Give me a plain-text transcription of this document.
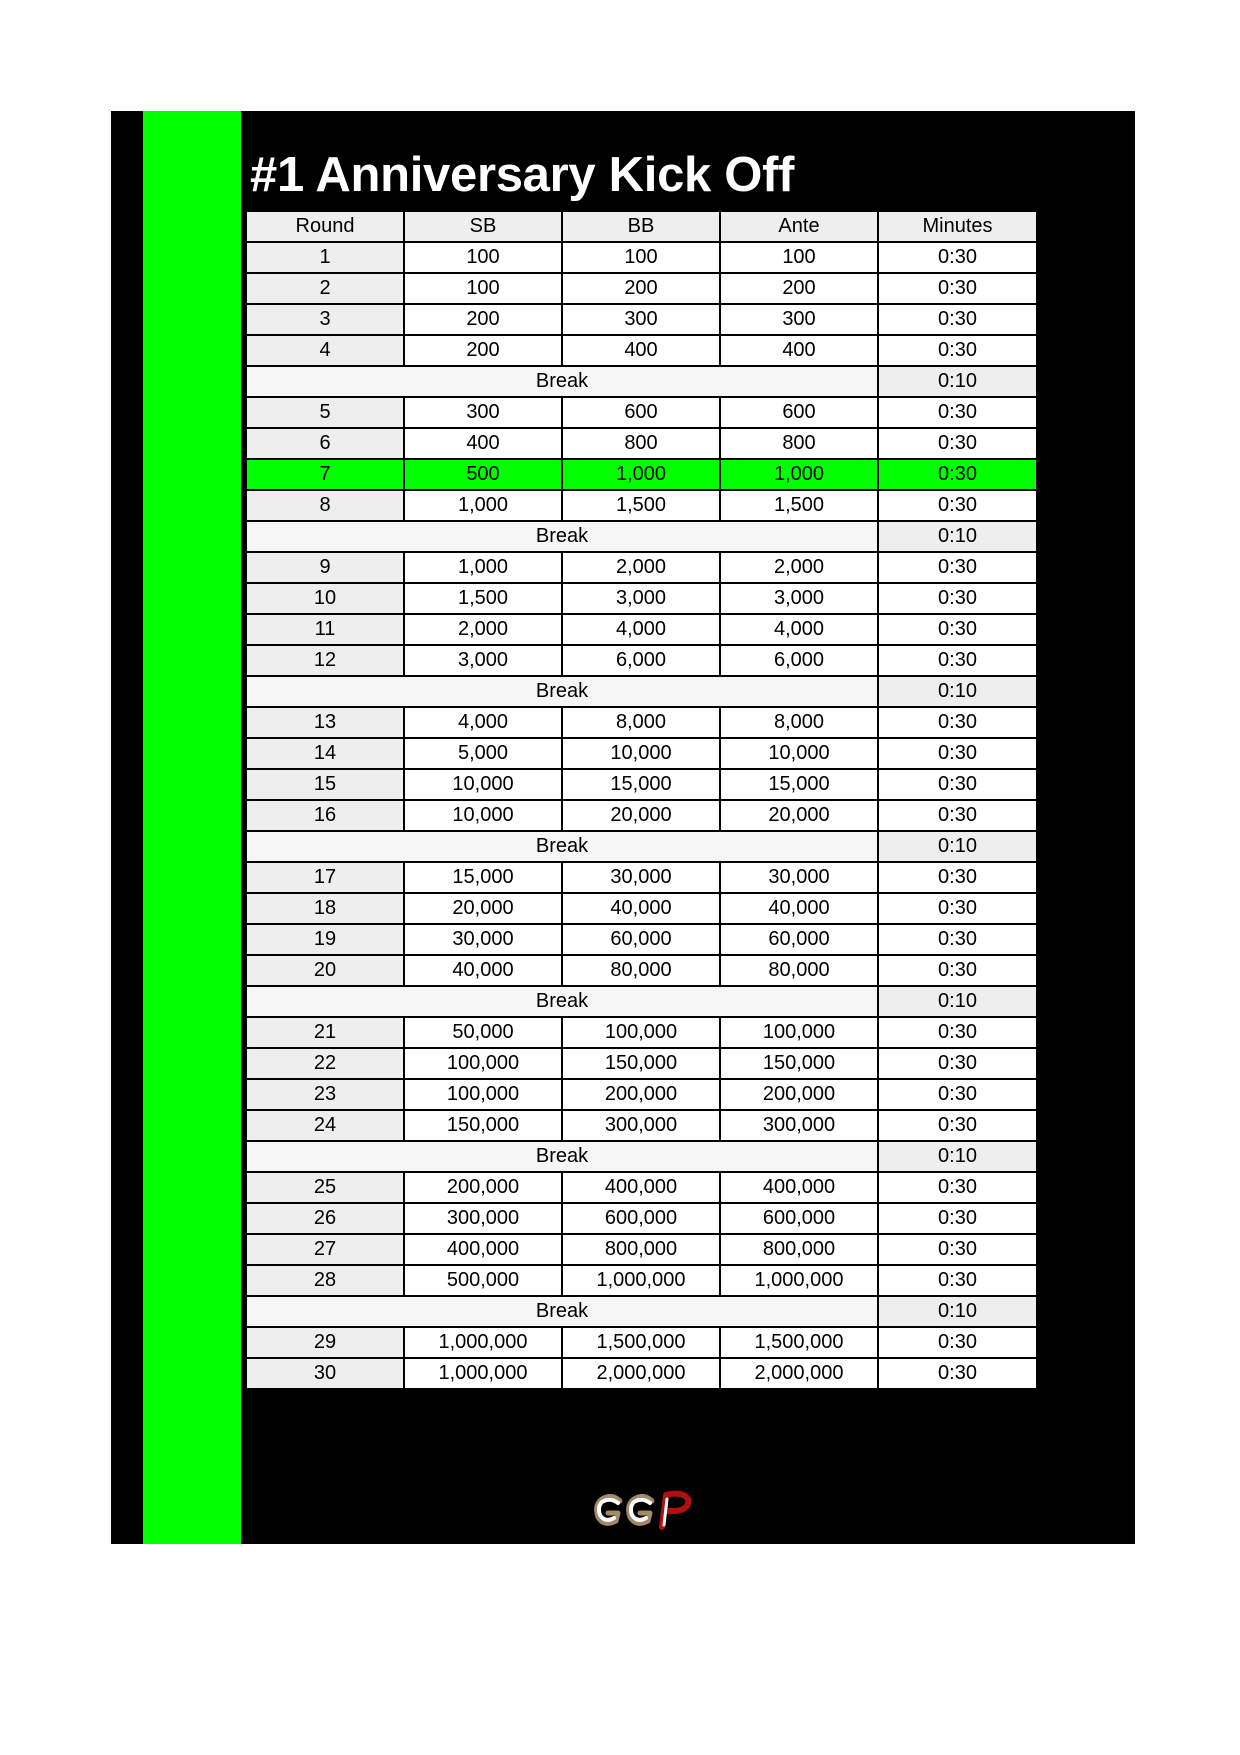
#1 Anniversary Kick Off
Round	SB	BB	Ante	Minutes
1	100	100	100	0:30
2	100	200	200	0:30
3	200	300	300	0:30
4	200	400	400	0:30
Break				0:10
5	300	600	600	0:30
6	400	800	800	0:30
7	500	1,000	1,000	0:30
8	1,000	1,500	1,500	0:30
Break				0:10
9	1,000	2,000	2,000	0:30
10	1,500	3,000	3,000	0:30
11	2,000	4,000	4,000	0:30
12	3,000	6,000	6,000	0:30
Break				0:10
13	4,000	8,000	8,000	0:30
14	5,000	10,000	10,000	0:30
15	10,000	15,000	15,000	0:30
16	10,000	20,000	20,000	0:30
Break				0:10
17	15,000	30,000	30,000	0:30
18	20,000	40,000	40,000	0:30
19	30,000	60,000	60,000	0:30
20	40,000	80,000	80,000	0:30
Break				0:10
21	50,000	100,000	100,000	0:30
22	100,000	150,000	150,000	0:30
23	100,000	200,000	200,000	0:30
24	150,000	300,000	300,000	0:30
Break				0:10
25	200,000	400,000	400,000	0:30
26	300,000	600,000	600,000	0:30
27	400,000	800,000	800,000	0:30
28	500,000	1,000,000	1,000,000	0:30
Break				0:10
29	1,000,000	1,500,000	1,500,000	0:30
30	1,000,000	2,000,000	2,000,000	0:30
